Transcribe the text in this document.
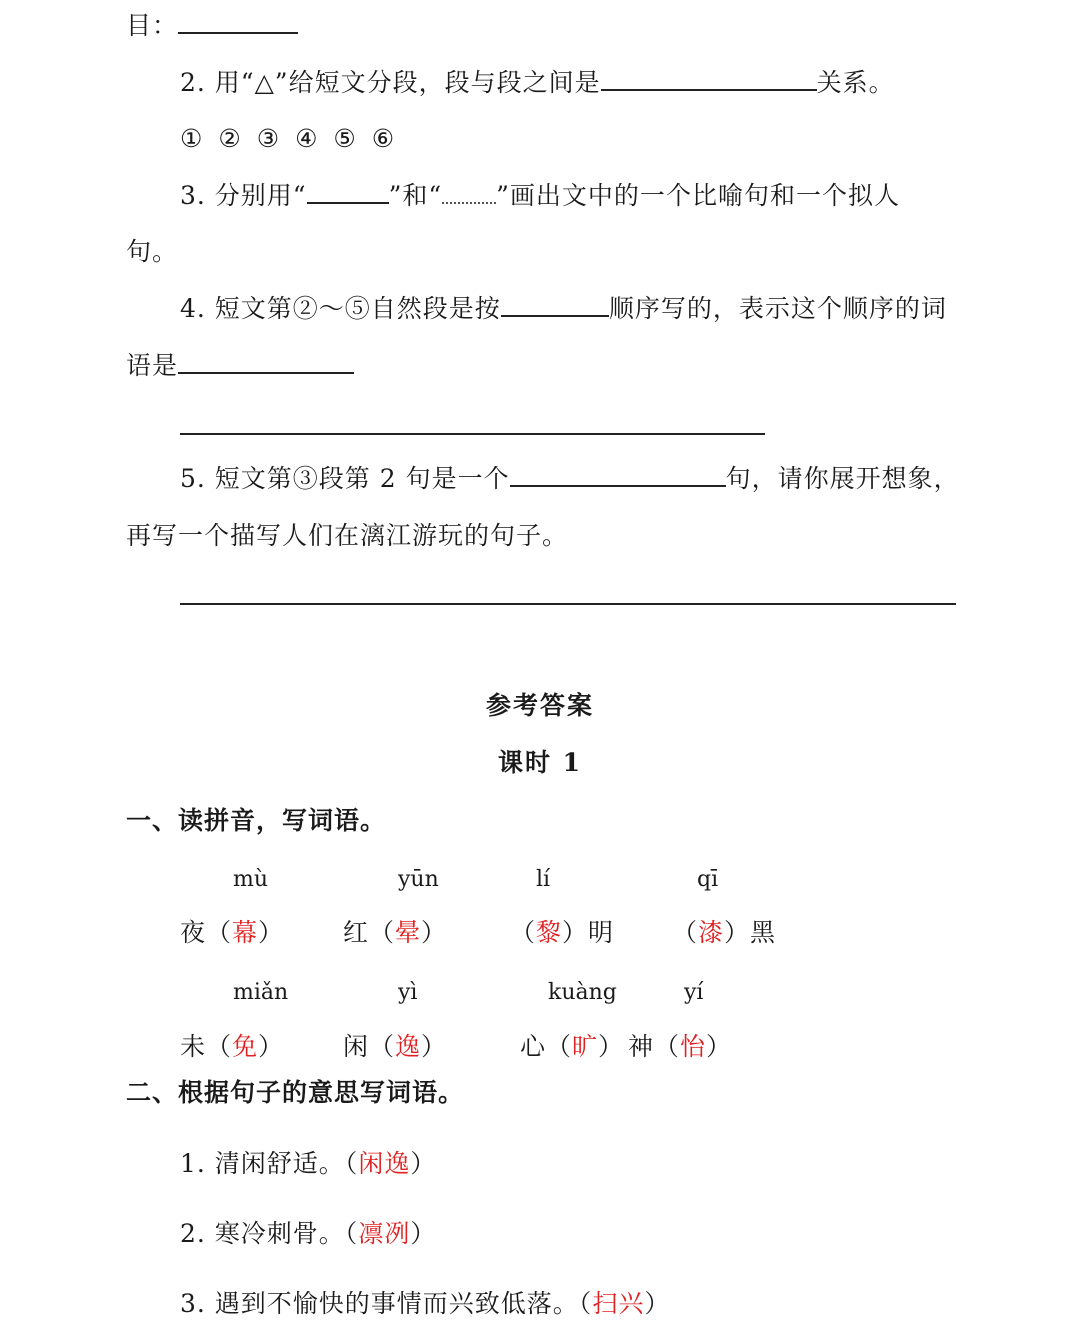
目：
2. 用“△”给短文分段，段与段之间是	关系。
① ② ③ ④ ⑤ ⑥
3. 分别用“	”和“ ”画出文中的一个比喻句和一个拟人
句。
4. 短文第②～⑤自然段是按	顺序写的，表示这个顺序的词
语是
5. 短文第③段第 2 句是一个	句，请你展开想象，
再写一个描写人们在漓江游玩的句子。
参考答案
课时 1
一、读拼音，写词语。
mù	yūn	lí	qī
夜（幕） 红（晕）	（黎）明 （漆）黑
miǎn	yì	kuàng	yí
未（免） 闲（逸）	心（旷） 神（怡）
二、根据句子的意思写词语。
1. 清闲舒适。（闲逸）
2. 寒冷刺骨。（凛冽）
3. 遇到不愉快的事情而兴致低落。（扫兴）
